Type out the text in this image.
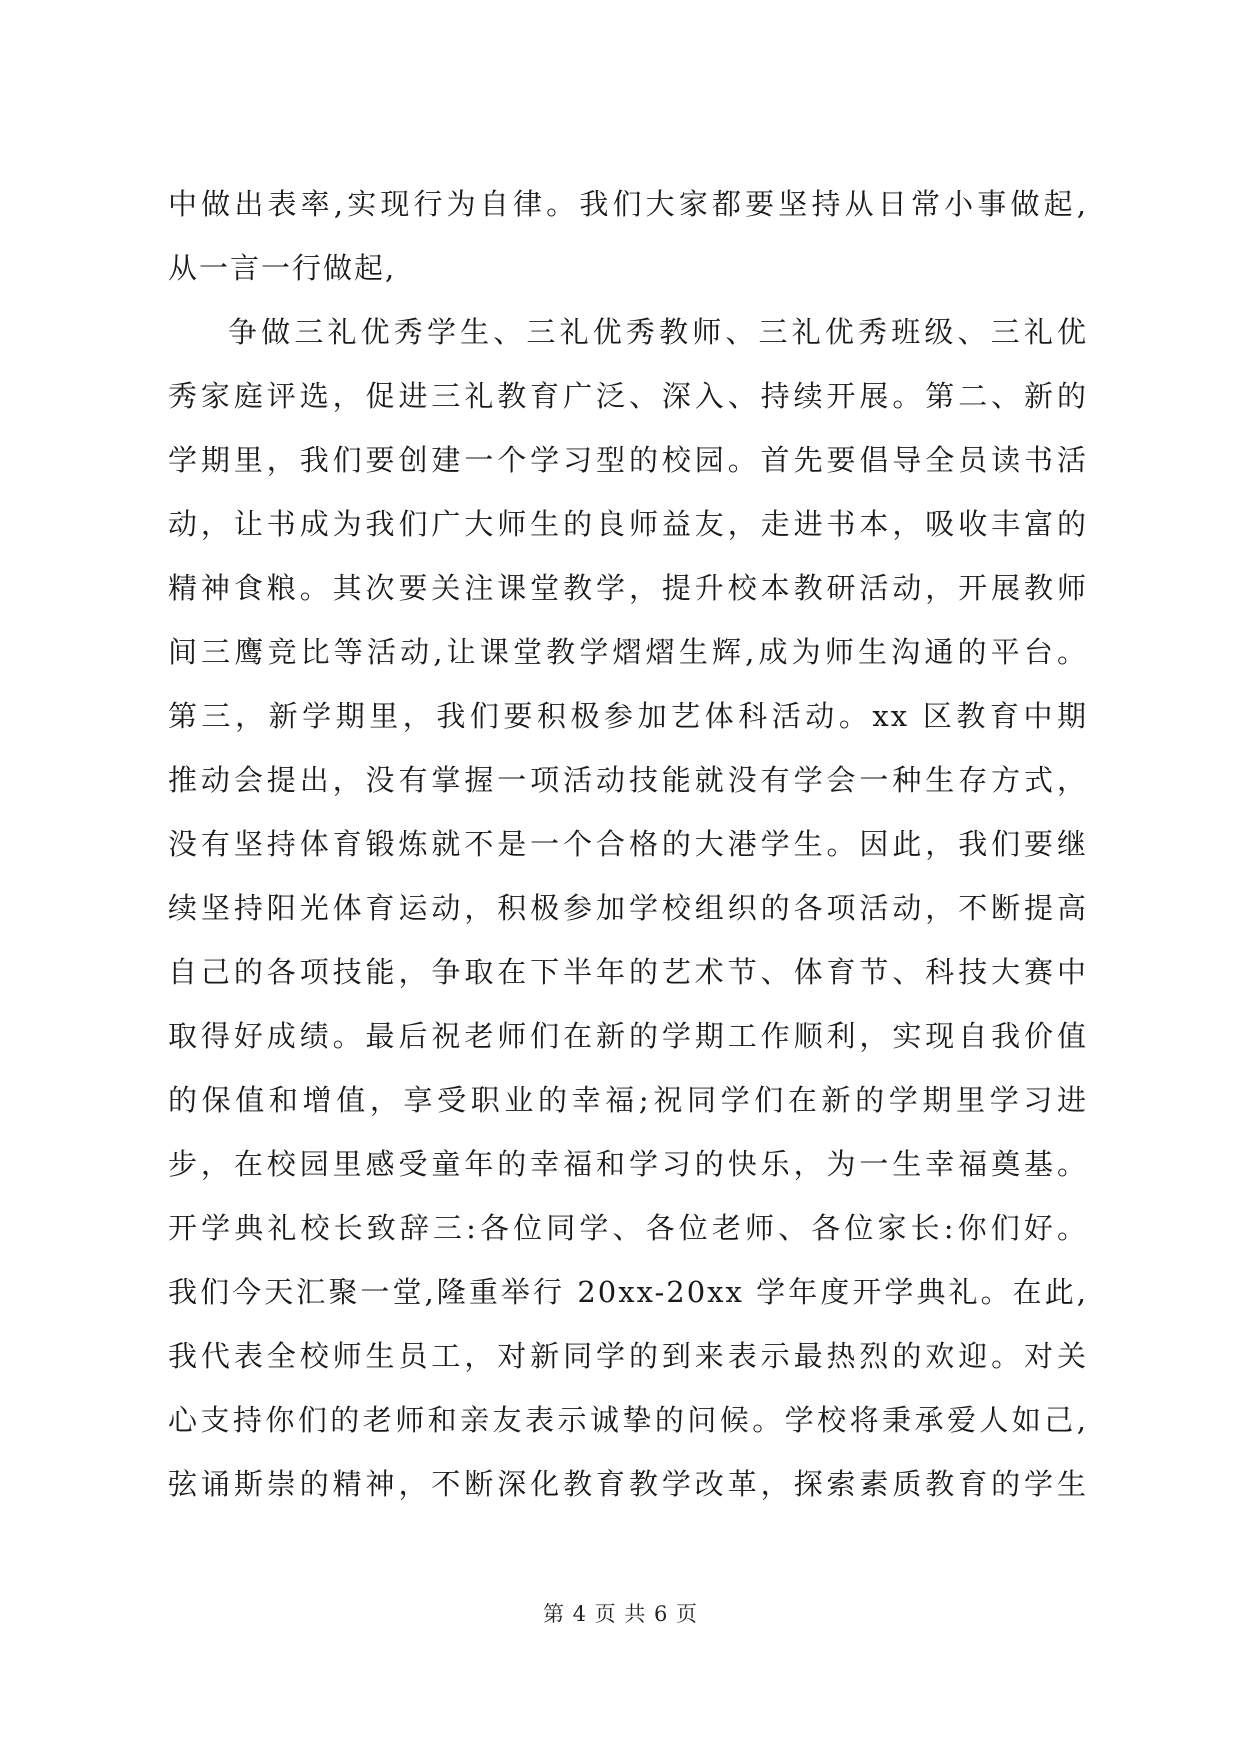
中做出表率,实现行为自律。我们大家都要坚持从日常小事做起,
从一言一行做起,
争做三礼优秀学生、三礼优秀教师、三礼优秀班级、三礼优
秀家庭评选，促进三礼教育广泛、深入、持续开展。第二、新的
学期里，我们要创建一个学习型的校园。首先要倡导全员读书活
动，让书成为我们广大师生的良师益友，走进书本，吸收丰富的
精神食粮。其次要关注课堂教学，提升校本教研活动，开展教师
间三鹰竞比等活动,让课堂教学熠熠生辉,成为师生沟通的平台。
第三，新学期里，我们要积极参加艺体科活动。xx 区教育中期
推动会提出，没有掌握一项活动技能就没有学会一种生存方式，
没有坚持体育锻炼就不是一个合格的大港学生。因此，我们要继
续坚持阳光体育运动，积极参加学校组织的各项活动，不断提高
自己的各项技能，争取在下半年的艺术节、体育节、科技大赛中
取得好成绩。最后祝老师们在新的学期工作顺利，实现自我价值
的保值和增值，享受职业的幸福;祝同学们在新的学期里学习进
步，在校园里感受童年的幸福和学习的快乐，为一生幸福奠基。
开学典礼校长致辞三:各位同学、各位老师、各位家长:你们好。
我们今天汇聚一堂,隆重举行 20xx-20xx 学年度开学典礼。在此,
我代表全校师生员工，对新同学的到来表示最热烈的欢迎。对关
心支持你们的老师和亲友表示诚挚的问候。学校将秉承爱人如己,
弦诵斯崇的精神，不断深化教育教学改革，探索素质教育的学生
第 4 页 共 6 页
